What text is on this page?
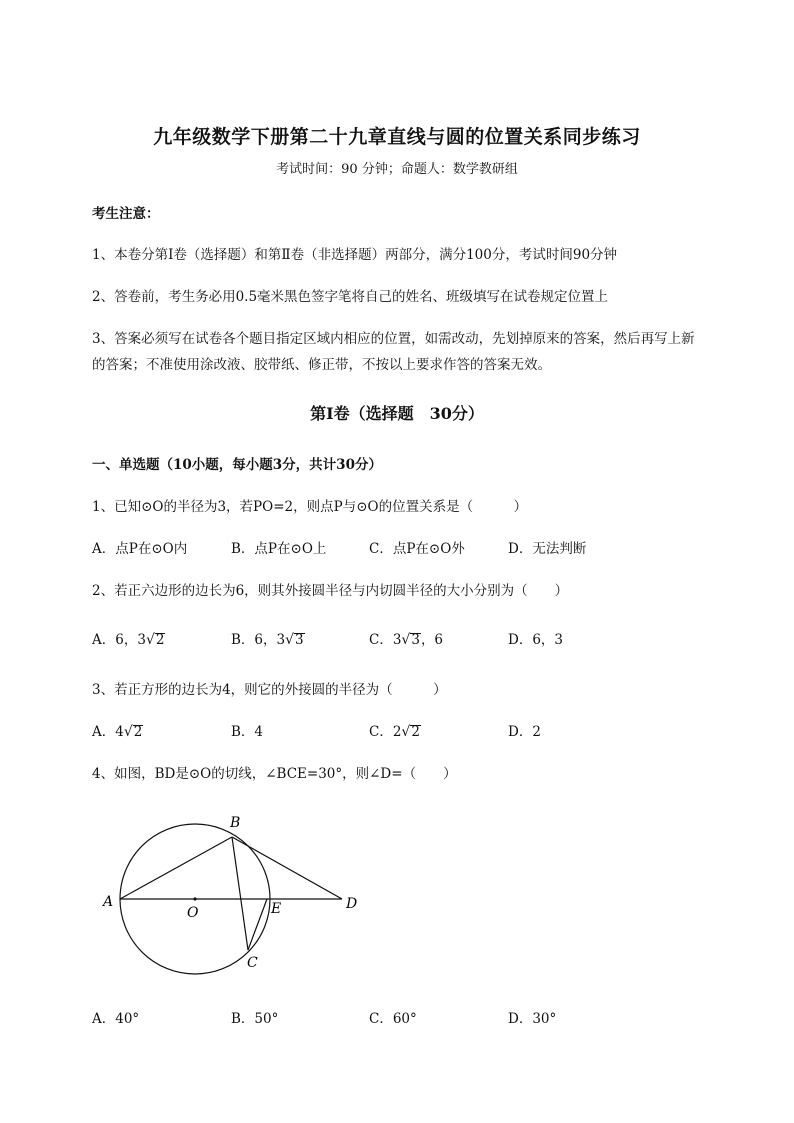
九年级数学下册第二十九章直线与圆的位置关系同步练习
考试时间：90 分钟；命题人：数学教研组
考生注意：
1、本卷分第I卷（选择题）和第Ⅱ卷（非选择题）两部分，满分100分，考试时间90分钟
2、答卷前，考生务必用0.5毫米黑色签字笔将自己的姓名、班级填写在试卷规定位置上
3、答案必须写在试卷各个题目指定区域内相应的位置，如需改动，先划掉原来的答案，然后再写上新
的答案；不准使用涂改液、胶带纸、修正带，不按以上要求作答的答案无效。
第I卷（选择题　30分）
一、单选题（10小题，每小题3分，共计30分）
1、已知⊙O的半径为3，若PO=2，则点P与⊙O的位置关系是（　　　）
A．点P在⊙O内	B．点P在⊙O上	C．点P在⊙O外	D．无法判断
2、若正六边形的边长为6，则其外接圆半径与内切圆半径的大小分别为（　　）
A．6，3√2	B．6，3√3	C．3√3，6	D．6，3
3、若正方形的边长为4，则它的外接圆的半径为（　　　）
A．4√2	B．4	C．2√2	D．2
4、如图，BD是⊙O的切线，∠BCE=30°，则∠D=（　　）
A
B
C
D
E
O
A．40°	B．50°	C．60°	D．30°
